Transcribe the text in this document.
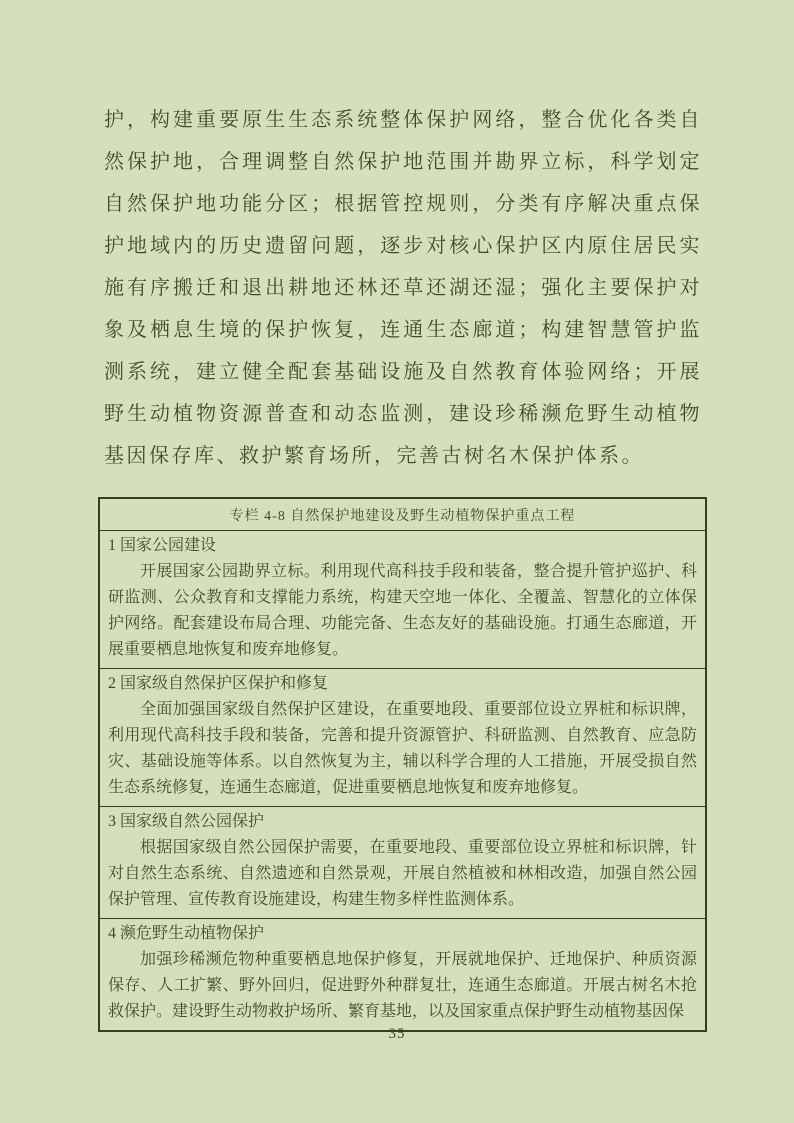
护，构建重要原生生态系统整体保护网络，整合优化各类自然保护地，合理调整自然保护地范围并勘界立标，科学划定自然保护地功能分区；根据管控规则，分类有序解决重点保护地域内的历史遗留问题，逐步对核心保护区内原住居民实施有序搬迁和退出耕地还林还草还湖还湿；强化主要保护对象及栖息生境的保护恢复，连通生态廊道；构建智慧管护监测系统，建立健全配套基础设施及自然教育体验网络；开展野生动植物资源普查和动态监测，建设珍稀濒危野生动植物基因保存库、救护繁育场所，完善古树名木保护体系。

专栏 4-8 自然保护地建设及野生动植物保护重点工程
1 国家公园建设

开展国家公园勘界立标。利用现代高科技手段和装备，整合提升管护巡护、科研监测、公众教育和支撑能力系统，构建天空地一体化、全覆盖、智慧化的立体保护网络。配套建设布局合理、功能完备、生态友好的基础设施。打通生态廊道，开展重要栖息地恢复和废弃地修复。

2 国家级自然保护区保护和修复

全面加强国家级自然保护区建设，在重要地段、重要部位设立界桩和标识牌，利用现代高科技手段和装备，完善和提升资源管护、科研监测、自然教育、应急防灾、基础设施等体系。以自然恢复为主，辅以科学合理的人工措施，开展受损自然生态系统修复，连通生态廊道，促进重要栖息地恢复和废弃地修复。

3 国家级自然公园保护

根据国家级自然公园保护需要，在重要地段、重要部位设立界桩和标识牌，针对自然生态系统、自然遗迹和自然景观，开展自然植被和林相改造，加强自然公园保护管理、宣传教育设施建设，构建生物多样性监测体系。

4 濒危野生动植物保护

加强珍稀濒危物种重要栖息地保护修复，开展就地保护、迁地保护、种质资源保存、人工扩繁、野外回归，促进野外种群复壮，连通生态廊道。开展古树名木抢救保护。建设野生动物救护场所、繁育基地，以及国家重点保护野生动植物基因保

35
